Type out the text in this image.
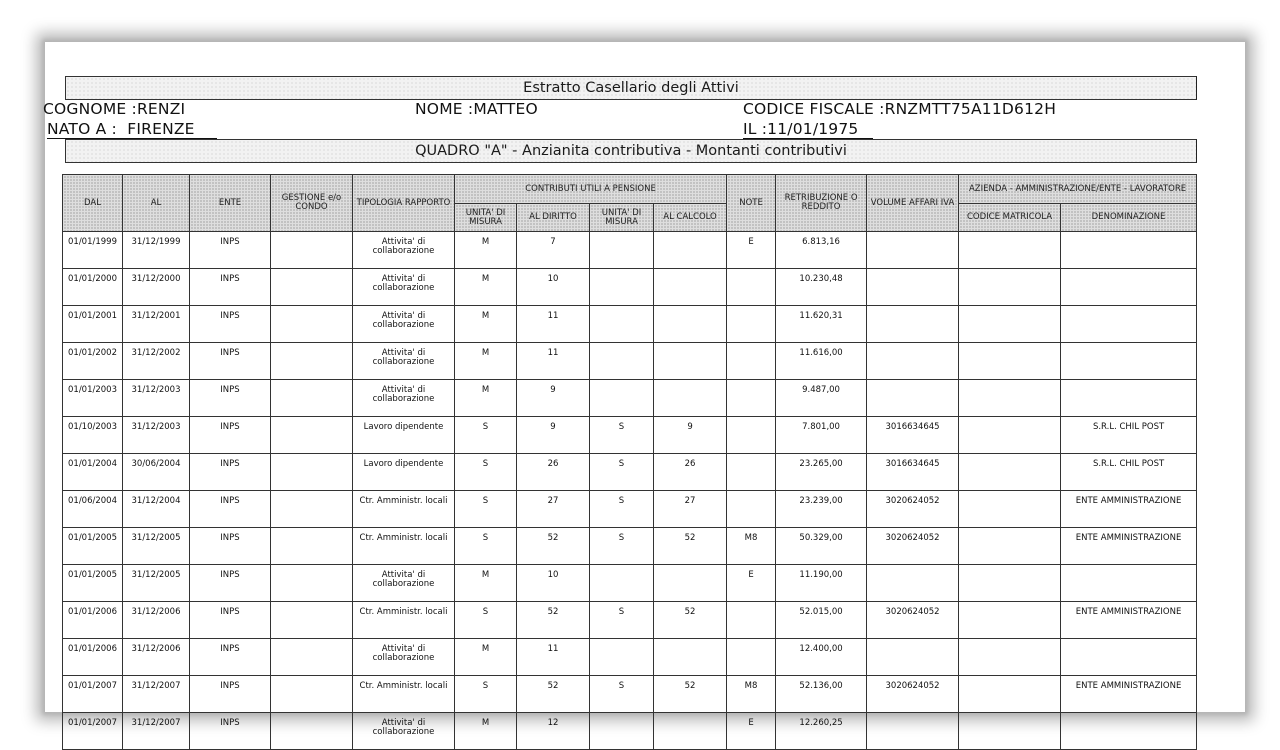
Estratto Casellario degli Attivi
COGNOME :RENZI	NOME :MATTEO	CODICE FISCALE :RNZMTT75A11D612H
NATO A : FIRENZE	IL :11/01/1975
QUADRO "A" - Anzianita contributiva - Montanti contributivi
DAL	AL	ENTE	GESTIONE e/o CONDO	TIPOLOGIA RAPPORTO	CONTRIBUTI UTILI A PENSIONE				NOTE	RETRIBUZIONE O REDDITO	VOLUME AFFARI IVA	AZIENDA - AMMINISTRAZIONE/ENTE - LAVORATORE	
					UNITA' DI MISURA	AL DIRITTO	UNITA' DI MISURA	AL CALCOLO				CODICE MATRICOLA	DENOMINAZIONE
01/01/1999	31/12/1999	INPS		Attivita' di collaborazione	M	7			E	6.813,16			
01/01/2000	31/12/2000	INPS		Attivita' di collaborazione	M	10				10.230,48			
01/01/2001	31/12/2001	INPS		Attivita' di collaborazione	M	11				11.620,31			
01/01/2002	31/12/2002	INPS		Attivita' di collaborazione	M	11				11.616,00			
01/01/2003	31/12/2003	INPS		Attivita' di collaborazione	M	9				9.487,00			
01/10/2003	31/12/2003	INPS		Lavoro dipendente	S	9	S	9		7.801,00	3016634645		S.R.L. CHIL POST
01/01/2004	30/06/2004	INPS		Lavoro dipendente	S	26	S	26		23.265,00	3016634645		S.R.L. CHIL POST
01/06/2004	31/12/2004	INPS		Ctr. Amministr. locali	S	27	S	27		23.239,00	3020624052		ENTE AMMINISTRAZIONE
01/01/2005	31/12/2005	INPS		Ctr. Amministr. locali	S	52	S	52	M8	50.329,00	3020624052		ENTE AMMINISTRAZIONE
01/01/2005	31/12/2005	INPS		Attivita' di collaborazione	M	10			E	11.190,00			
01/01/2006	31/12/2006	INPS		Ctr. Amministr. locali	S	52	S	52		52.015,00	3020624052		ENTE AMMINISTRAZIONE
01/01/2006	31/12/2006	INPS		Attivita' di collaborazione	M	11				12.400,00			
01/01/2007	31/12/2007	INPS		Ctr. Amministr. locali	S	52	S	52	M8	52.136,00	3020624052		ENTE AMMINISTRAZIONE
01/01/2007	31/12/2007	INPS		Attivita' di collaborazione	M	12			E	12.260,25			
